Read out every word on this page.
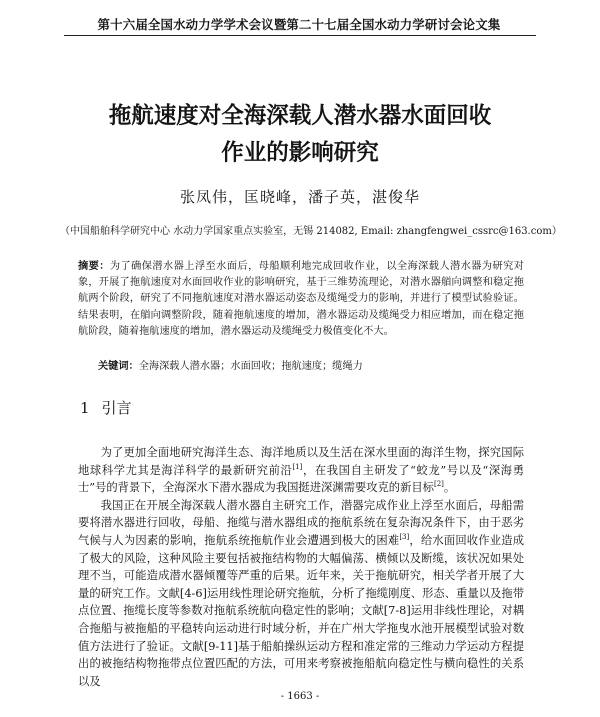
第十六届全国水动力学学术会议暨第二十七届全国水动力学研讨会论文集
拖航速度对全海深载人潜水器水面回收
作业的影响研究
张凤伟，匡晓峰，潘子英，湛俊华
（中国船舶科学研究中心 水动力学国家重点实验室，无锡 214082, Email: zhangfengwei_cssrc@163.com）
摘要：为了确保潜水器上浮至水面后，母船顺利地完成回收作业，以全海深载人潜水器为研究对象，开展了拖航速度对水面回收作业的影响研究，基于三维势流理论，对潜水器艏向调整和稳定拖航两个阶段，研究了不同拖航速度对潜水器运动姿态及缆绳受力的影响，并进行了模型试验验证。结果表明，在艏向调整阶段，随着拖航速度的增加，潜水器运动及缆绳受力相应增加，而在稳定拖航阶段，随着拖航速度的增加，潜水器运动及缆绳受力极值变化不大。
关键词：全海深载人潜水器；水面回收；拖航速度；缆绳力
1 引言

为了更加全面地研究海洋生态、海洋地质以及生活在深水里面的海洋生物，探究国际地球科学尤其是海洋科学的最新研究前沿[1]，在我国自主研发了“蛟龙”号以及“深海勇士”号的背景下，全海深水下潜水器成为我国挺进深渊需要攻克的新目标[2]。

我国正在开展全海深载人潜水器自主研究工作，潜器完成作业上浮至水面后，母船需要将潜水器进行回收，母船、拖缆与潜水器组成的拖航系统在复杂海况条件下，由于恶劣气候与人为因素的影响，拖航系统拖航作业会遭遇到极大的困难[3]，给水面回收作业造成了极大的风险，这种风险主要包括被拖结构物的大幅偏荡、横倾以及断缆，该状况如果处理不当，可能造成潜水器倾覆等严重的后果。近年来，关于拖航研究，相关学者开展了大量的研究工作。文献[4-6]运用线性理论研究拖航，分析了拖缆刚度、形态、重量以及拖带点位置、拖缆长度等参数对拖航系统航向稳定性的影响；文献[7-8]运用非线性理论，对耦合拖船与被拖船的平稳转向运动进行时域分析，并在广州大学拖曳水池开展模型试验对数值方法进行了验证。文献[9-11]基于船舶操纵运动方程和准定常的三维动力学运动方程提出的被拖结构物拖带点位置匹配的方法，可用来考察被拖船航向稳定性与横向稳性的关系以及

- 1663 -
